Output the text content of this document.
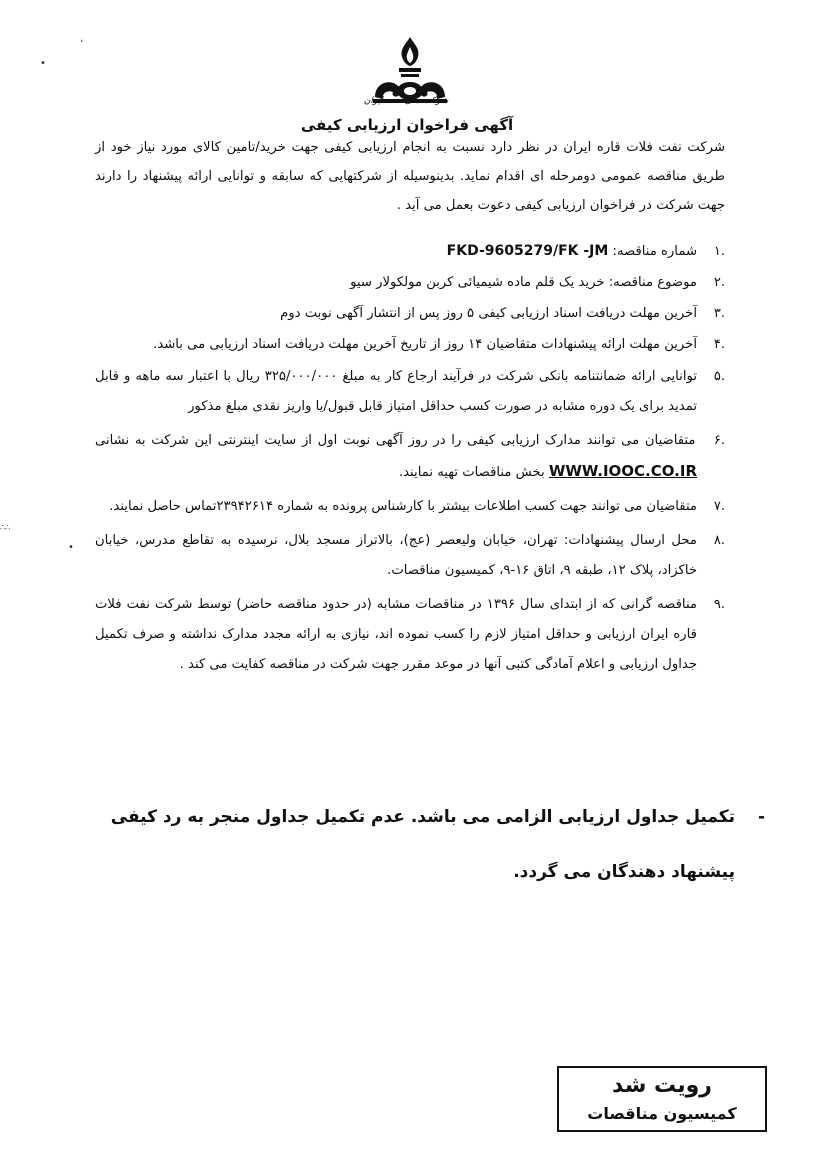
،
•
∴∴
•
شرکت ملی نفت ایران
آگهی فراخوان ارزیابی کیفی

شرکت نفت فلات قاره ایران در نظر دارد نسبت به انجام ارزیابی کیفی جهت خرید/تامین کالای مورد نیاز خود از طریق مناقصه عمومی دومرحله ای اقدام نماید. بدینوسیله از شرکتهایی که سابقه و توانایی ارائه پیشنهاد را دارند جهت شرکت در فراخوان ارزیابی کیفی دعوت بعمل می آید .

.۱
شماره مناقصه: FKD-9605279/FK -JM
.۲
موضوع مناقصه: خرید یک قلم ماده شیمیائی کربن مولکولار سیو
.۳
آخرین مهلت دریافت اسناد ارزیابی کیفی ۵ روز پس از انتشار آگهی نوبت دوم
.۴
آخرین مهلت ارائه پیشنهادات متقاضیان ۱۴ روز از تاریخ آخرین مهلت دریافت اسناد ارزیابی می باشد.
.۵
توانایی ارائه ضمانتنامه بانکی شرکت در فرآیند ارجاع کار به مبلغ ۳۲۵/۰۰۰/۰۰۰ ریال با اعتبار سه ماهه و قابل تمدید برای یک دوره مشابه در صورت کسب حداقل امتیاز قابل قبول/یا واریز نقدی مبلغ مذکور
.۶
متقاضیان می توانند مدارک ارزیابی کیفی را در روز آگهی نوبت اول از سایت اینترنتی این شرکت به نشانی WWW.IOOC.CO.IR بخش مناقصات تهیه نمایند.
.۷
متقاضیان می توانند جهت کسب اطلاعات بیشتر با کارشناس پرونده به شماره ۲۳۹۴۲۶۱۴تماس حاصل نمایند.
.۸
محل ارسال پیشنهادات: تهران، خیابان ولیعصر (عج)، بالاتراز مسجد بلال، نرسیده به تقاطع مدرس، خیابان خاکزاد، پلاک ۱۲، طبقه ۹، اتاق ۱۶-۹، کمیسیون مناقصات.
.۹
مناقصه گرانی که از ابتدای سال ۱۳۹۶ در مناقصات مشابه (در حدود مناقصه حاضر) توسط شرکت نفت فلات قاره ایران ارزیابی و حداقل امتیاز لازم را کسب نموده اند، نیازی به ارائه مجدد مدارک نداشته و صرف تکمیل جداول ارزیابی و اعلام آمادگی کتبی آنها در موعد مقرر جهت شرکت در مناقصه کفایت می کند .

-
تکمیل جداول ارزیابی الزامی می باشد. عدم تکمیل جداول منجر به رد کیفی پیشنهاد دهندگان می گردد.

رویت شد
کمیسیون مناقصات
